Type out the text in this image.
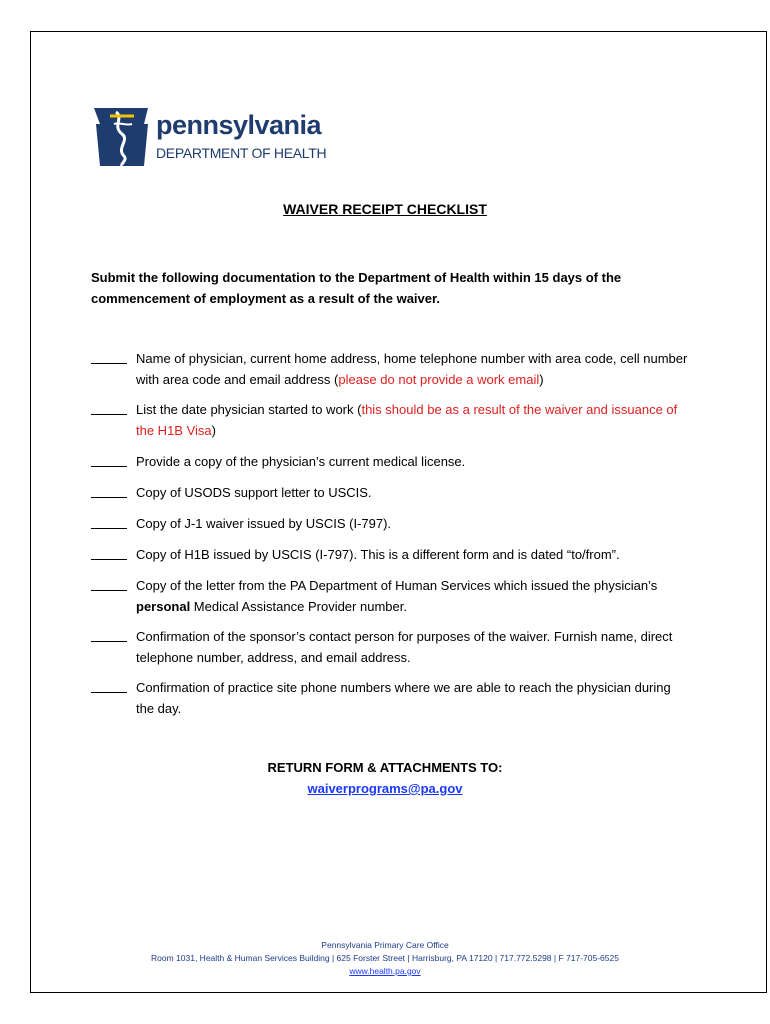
pennsylvania
DEPARTMENT OF HEALTH
WAIVER RECEIPT CHECKLIST
Submit the following documentation to the Department of Health within 15 days of the commencement of employment as a result of the waiver.
Name of physician, current home address, home telephone number with area code, cell number with area code and email address (please do not provide a work email)
List the date physician started to work (this should be as a result of the waiver and issuance of the H1B Visa)
Provide a copy of the physician’s current medical license.
Copy of USODS support letter to USCIS.
Copy of J-1 waiver issued by USCIS (I-797).
Copy of H1B issued by USCIS (I-797). This is a different form and is dated “to/from”.
Copy of the letter from the PA Department of Human Services which issued the physician’s personal Medical Assistance Provider number.
Confirmation of the sponsor’s contact person for purposes of the waiver. Furnish name, direct telephone number, address, and email address.
Confirmation of practice site phone numbers where we are able to reach the physician during the day.
RETURN FORM & ATTACHMENTS TO:
waiverprograms@pa.gov
Pennsylvania Primary Care Office
Room 1031, Health & Human Services Building | 625 Forster Street | Harrisburg, PA 17120 | 717.772.5298 | F 717-705-6525
www.health.pa.gov
